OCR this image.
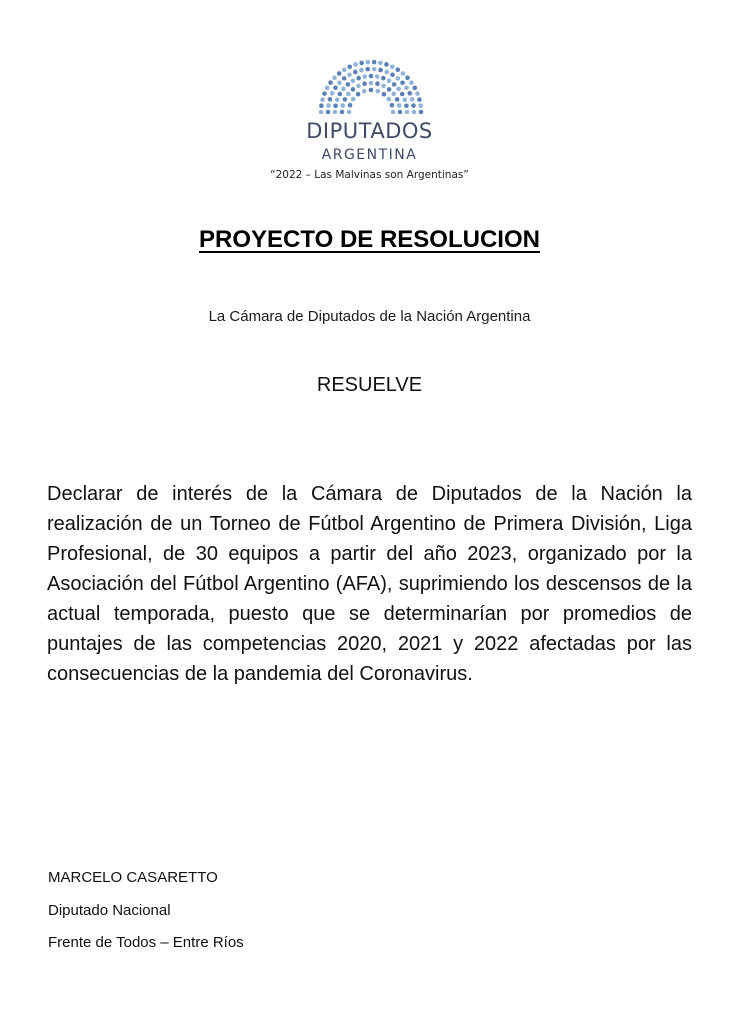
DIPUTADOS
ARGENTINA
“2022 – Las Malvinas son Argentinas”
PROYECTO DE RESOLUCION
La Cámara de Diputados de la Nación Argentina
RESUELVE

Declarar de interés de la Cámara de Diputados de la Nación la realización de un Torneo de Fútbol Argentino de Primera División, Liga Profesional, de 30 equipos a partir del año 2023, organizado por la Asociación del Fútbol Argentino (AFA), suprimiendo los descensos de la actual temporada, puesto que se determinarían por promedios de puntajes de las competencias 2020, 2021 y 2022 afectadas por las consecuencias de la pandemia del Coronavirus.

MARCELO CASARETTO
Diputado Nacional
Frente de Todos – Entre Ríos
